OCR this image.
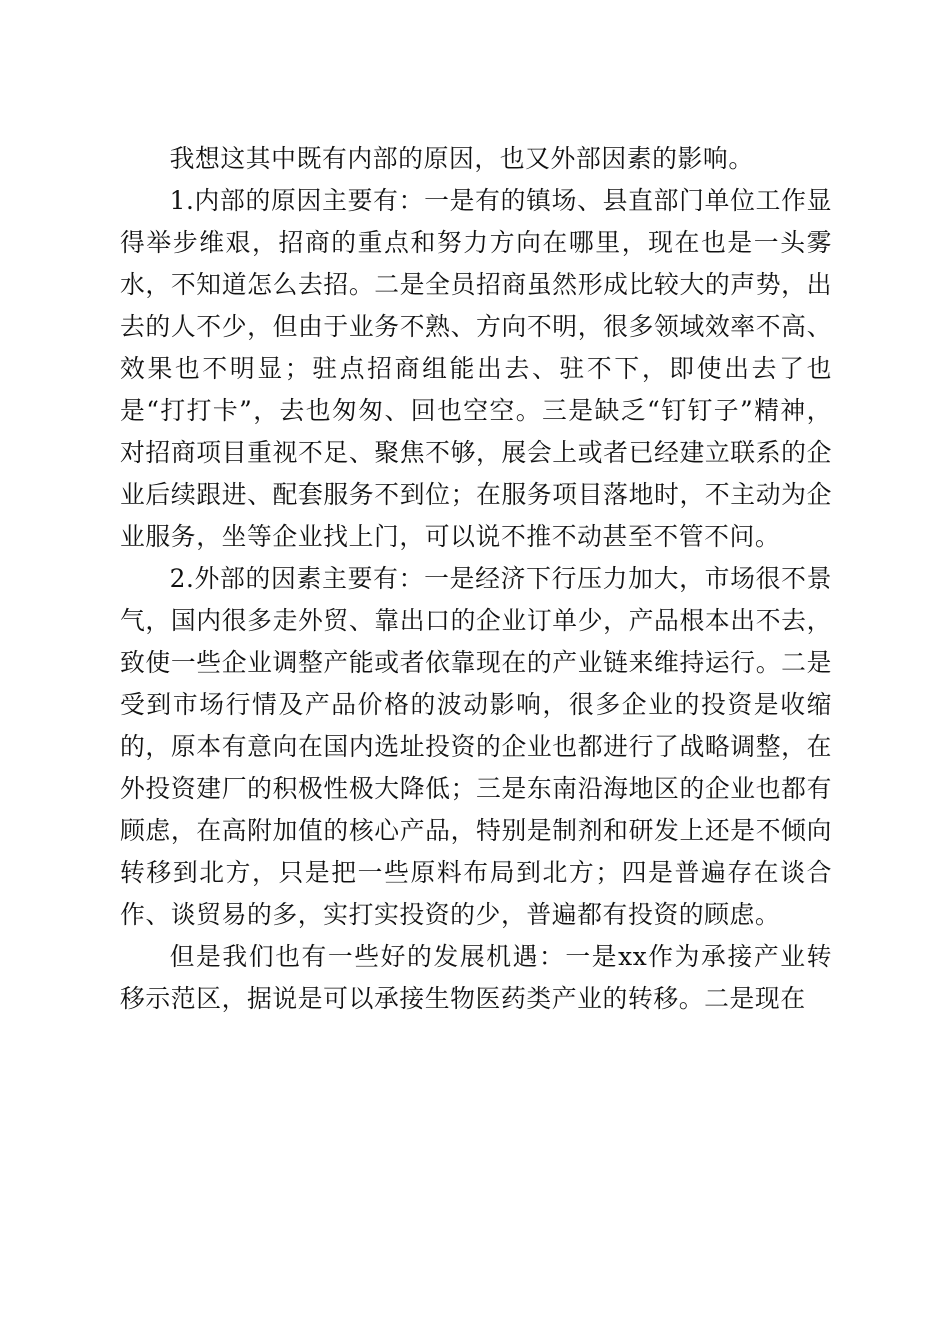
我想这其中既有内部的原因，也又外部因素的影响。

1.内部的原因主要有：一是有的镇场、县直部门单位工作显得举步维艰，招商的重点和努力方向在哪里，现在也是一头雾水，不知道怎么去招。二是全员招商虽然形成比较大的声势，出去的人不少，但由于业务不熟、方向不明，很多领域效率不高、效果也不明显；驻点招商组能出去、驻不下，即使出去了也是“打打卡”，去也匆匆、回也空空。三是缺乏“钉钉子”精神，对招商项目重视不足、聚焦不够，展会上或者已经建立联系的企业后续跟进、配套服务不到位；在服务项目落地时，不主动为企业服务，坐等企业找上门，可以说不推不动甚至不管不问。

2.外部的因素主要有：一是经济下行压力加大，市场很不景气，国内很多走外贸、靠出口的企业订单少，产品根本出不去，致使一些企业调整产能或者依靠现在的产业链来维持运行。二是受到市场行情及产品价格的波动影响，很多企业的投资是收缩的，原本有意向在国内选址投资的企业也都进行了战略调整，在外投资建厂的积极性极大降低；三是东南沿海地区的企业也都有顾虑，在高附加值的核心产品，特别是制剂和研发上还是不倾向转移到北方，只是把一些原料布局到北方；四是普遍存在谈合作、谈贸易的多，实打实投资的少，普遍都有投资的顾虑。

但是我们也有一些好的发展机遇：一是xx作为承接产业转移示范区，据说是可以承接生物医药类产业的转移。二是现在
